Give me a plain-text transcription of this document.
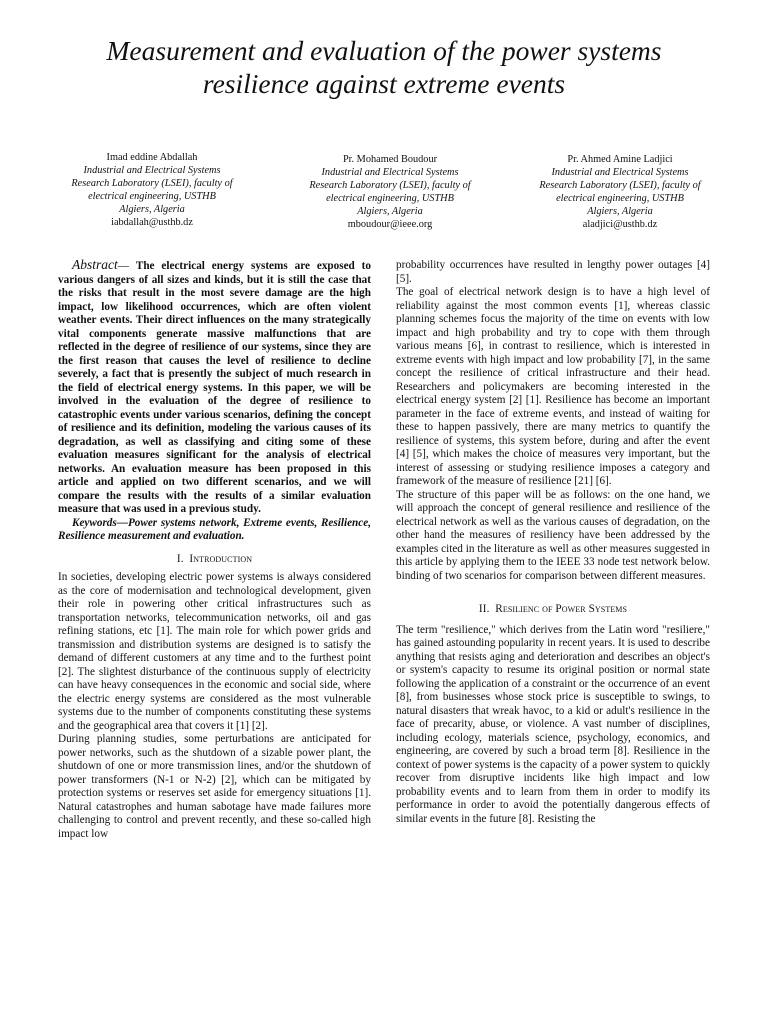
Measurement and evaluation of the power systems
resilience against extreme events
Imad eddine Abdallah
Industrial and Electrical Systems
Research Laboratory (LSEI), faculty of
electrical engineering, USTHB
Algiers, Algeria
iabdallah@usthb.dz
Pr. Mohamed Boudour
Industrial and Electrical Systems
Research Laboratory (LSEI), faculty of
electrical engineering, USTHB
Algiers, Algeria
mboudour@ieee.org
Pr. Ahmed Amine Ladjici
Industrial and Electrical Systems
Research Laboratory (LSEI), faculty of
electrical engineering, USTHB
Algiers, Algeria
aladjici@usthb.dz

Abstract— The electrical energy systems are exposed to various dangers of all sizes and kinds, but it is still the case that the risks that result in the most severe damage are the high impact, low likelihood occurrences, which are often violent weather events. Their direct influences on the many strategically vital components generate massive malfunctions that are reflected in the degree of resilience of our systems, since they are the first reason that causes the level of resilience to decline severely, a fact that is presently the subject of much research in the field of electrical energy systems. In this paper, we will be involved in the evaluation of the degree of resilience to catastrophic events under various scenarios, defining the concept of resilience and its definition, modeling the various causes of its degradation, as well as classifying and citing some of these evaluation measures significant for the analysis of electrical networks. An evaluation measure has been proposed in this article and applied on two different scenarios, and we will compare the results with the results of a similar evaluation measure that was used in a previous study.

Keywords—Power systems network, Extreme events, Resilience, Resilience measurement and evaluation.

I. Introduction

In societies, developing electric power systems is always considered as the core of modernisation and technological development, given their role in powering other critical infrastructures such as transportation networks, telecommunication networks, oil and gas refining stations, etc [1]. The main role for which power grids and transmission and distribution systems are designed is to satisfy the demand of different customers at any time and to the furthest point [2]. The slightest disturbance of the continuous supply of electricity can have heavy consequences in the economic and social side, where the electric energy systems are considered as the most vulnerable systems due to the number of components constituting these systems and the geographical area that covers it [1] [2].

During planning studies, some perturbations are anticipated for power networks, such as the shutdown of a sizable power plant, the shutdown of one or more transmission lines, and/or the shutdown of power transformers (N-1 or N-2) [2], which can be mitigated by protection systems or reserves set aside for emergency situations [1]. Natural catastrophes and human sabotage have made failures more challenging to control and prevent recently, and these so-called high impact low

probability occurrences have resulted in lengthy power outages [4] [5].

The goal of electrical network design is to have a high level of reliability against the most common events [1], whereas classic planning schemes focus the majority of the time on events with low impact and high probability and try to cope with them through various means [6], in contrast to resilience, which is interested in extreme events with high impact and low probability [7], in the same concept the resilience of critical infrastructure and their head. Researchers and policymakers are becoming interested in the electrical energy system [2] [1]. Resilience has become an important parameter in the face of extreme events, and instead of waiting for these to happen passively, there are many metrics to quantify the resilience of systems, this system before, during and after the event [4] [5], which makes the choice of measures very important, but the interest of assessing or studying resilience imposes a category and framework of the measure of resilience [21] [6].

The structure of this paper will be as follows: on the one hand, we will approach the concept of general resilience and resilience of the electrical network as well as the various causes of degradation, on the other hand the measures of resiliency have been addressed by the examples cited in the literature as well as other measures suggested in this article by applying them to the IEEE 33 node test network below. binding of two scenarios for comparison between different measures.

II. Resilienc of Power Systems

The term "resilience," which derives from the Latin word "resiliere," has gained astounding popularity in recent years. It is used to describe anything that resists aging and deterioration and describes an object's or system's capacity to resume its original position or normal state following the application of a constraint or the occurrence of an event [8], from businesses whose stock price is susceptible to swings, to natural disasters that wreak havoc, to a kid or adult's resilience in the face of precarity, abuse, or violence. A vast number of disciplines, including ecology, materials science, psychology, economics, and engineering, are covered by such a broad term [8]. Resilience in the context of power systems is the capacity of a power system to quickly recover from disruptive incidents like high impact and low probability events and to learn from them in order to modify its performance in order to avoid the potentially dangerous effects of similar events in the future [8]. Resisting the
